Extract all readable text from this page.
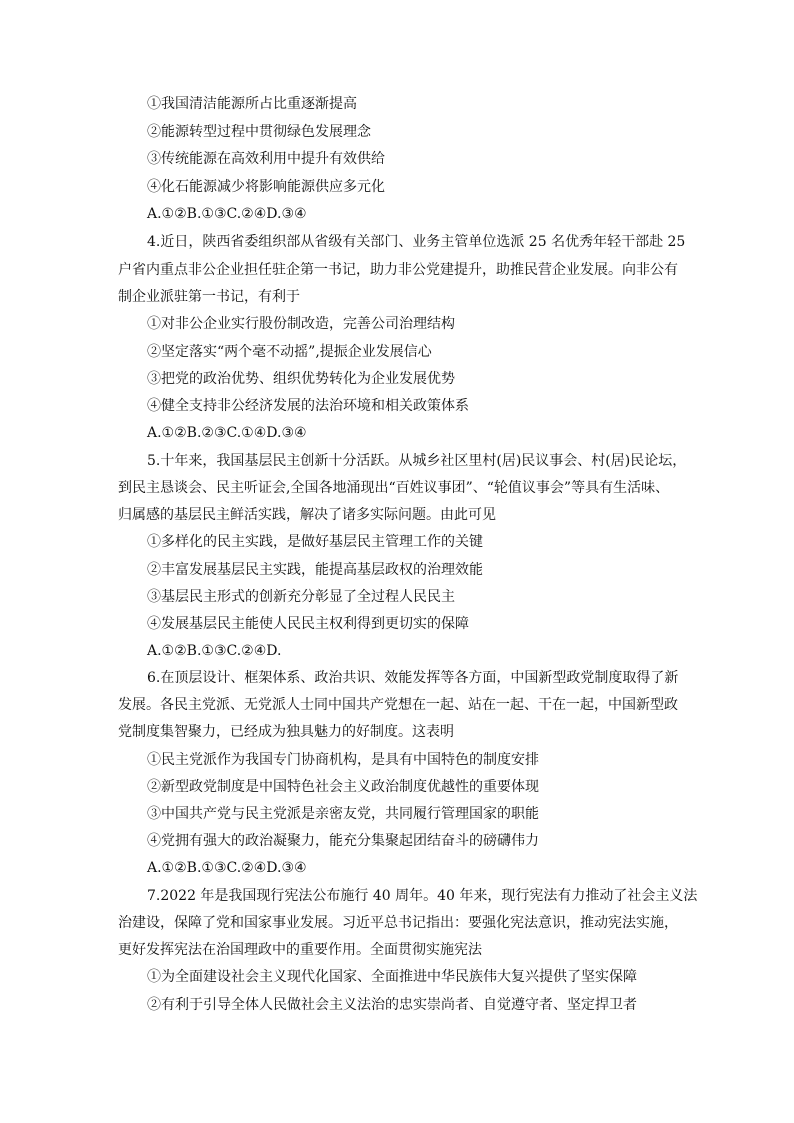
①我国清洁能源所占比重逐渐提高
②能源转型过程中贯彻绿色发展理念
③传统能源在高效利用中提升有效供给
④化石能源减少将影响能源供应多元化
A.①②B.①③C.②④D.③④
4.近日，陕西省委组织部从省级有关部门、业务主管单位选派 25 名优秀年轻干部赴 25
户省内重点非公企业担任驻企第一书记，助力非公党建提升，助推民营企业发展。向非公有
制企业派驻第一书记，有利于
①对非公企业实行股份制改造，完善公司治理结构
②坚定落实“两个毫不动摇”,提振企业发展信心
③把党的政治优势、组织优势转化为企业发展优势
④健全支持非公经济发展的法治环境和相关政策体系
A.①②B.②③C.①④D.③④
5.十年来，我国基层民主创新十分活跃。从城乡社区里村(居)民议事会、村(居)民论坛，
到民主恳谈会、民主听证会,全国各地涌现出“百姓议事团”、“轮值议事会”等具有生活味、
归属感的基层民主鲜活实践，解决了诸多实际问题。由此可见
①多样化的民主实践，是做好基层民主管理工作的关键
②丰富发展基层民主实践，能提高基层政权的治理效能
③基层民主形式的创新充分彰显了全过程人民民主
④发展基层民主能使人民民主权利得到更切实的保障
A.①②B.①③C.②④D.
6.在顶层设计、框架体系、政治共识、效能发挥等各方面，中国新型政党制度取得了新
发展。各民主党派、无党派人士同中国共产党想在一起、站在一起、干在一起，中国新型政
党制度集智聚力，已经成为独具魅力的好制度。这表明
①民主党派作为我国专门协商机构，是具有中国特色的制度安排
②新型政党制度是中国特色社会主义政治制度优越性的重要体现
③中国共产党与民主党派是亲密友党，共同履行管理国家的职能
④党拥有强大的政治凝聚力，能充分集聚起团结奋斗的磅礴伟力
A.①②B.①③C.②④D.③④
7.2022 年是我国现行宪法公布施行 40 周年。40 年来，现行宪法有力推动了社会主义法
治建设，保障了党和国家事业发展。习近平总书记指出：要强化宪法意识，推动宪法实施，
更好发挥宪法在治国理政中的重要作用。全面贯彻实施宪法
①为全面建设社会主义现代化国家、全面推进中华民族伟大复兴提供了坚实保障
②有利于引导全体人民做社会主义法治的忠实崇尚者、自觉遵守者、坚定捍卫者
